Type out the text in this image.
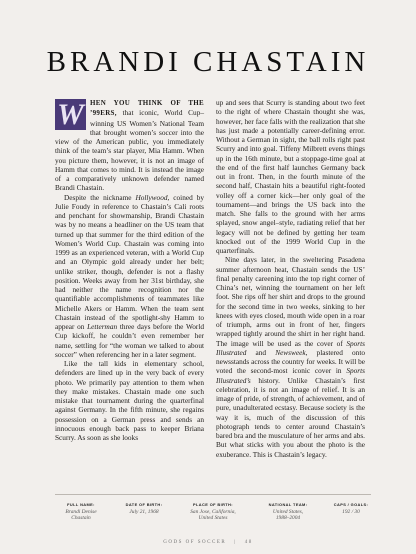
BRANDI CHASTAIN

W HEN YOU THINK OF THE ’99ERS, that iconic, World Cup–winning US Women’s National Team that brought women’s soccer into the view of the American public, you immediately think of the team’s star player, Mia Hamm. When you picture them, however, it is not an image of Hamm that comes to mind. It is instead the image of a comparatively unknown defender named Brandi Chastain.

Despite the nickname Hollywood, coined by Julie Foudy in reference to Chastain’s Cali roots and penchant for showmanship, Brandi Chastain was by no means a headliner on the US team that turned up that summer for the third edition of the Women’s World Cup. Chastain was coming into 1999 as an experienced veteran, with a World Cup and an Olympic gold already under her belt; unlike striker, though, defender is not a flashy position. Weeks away from her 31st birthday, she had neither the name recognition nor the quantifiable accomplishments of teammates like Michelle Akers or Hamm. When the team sent Chastain instead of the spotlight-shy Hamm to appear on Letterman three days before the World Cup kickoff, he couldn’t even remember her name, settling for “the woman we talked to about soccer” when referencing her in a later segment.

Like the tall kids in elementary school, defenders are lined up in the very back of every photo. We primarily pay attention to them when they make mistakes. Chastain made one such mistake that tournament during the quarterfinal against Germany. In the fifth minute, she regains possession on a German press and sends an innocuous enough back pass to keeper Briana Scurry. As soon as she looks

up and sees that Scurry is standing about two feet to the right of where Chastain thought she was, however, her face falls with the realization that she has just made a potentially career-defining error. Without a German in sight, the ball rolls right past Scurry and into goal. Tiffeny Milbrett evens things up in the 16th minute, but a stoppage-time goal at the end of the first half launches Germany back out in front. Then, in the fourth minute of the second half, Chastain hits a beautiful right-footed volley off a corner kick—her only goal of the tournament—and brings the US back into the match. She falls to the ground with her arms splayed, snow angel–style, radiating relief that her legacy will not be defined by getting her team knocked out of the 1999 World Cup in the quarterfinals.

Nine days later, in the sweltering Pasadena summer afternoon heat, Chastain sends the US’ final penalty careening into the top right corner of China’s net, winning the tournament on her left foot. She rips off her shirt and drops to the ground for the second time in two weeks, sinking to her knees with eyes closed, mouth wide open in a roar of triumph, arms out in front of her, fingers wrapped tightly around the shirt in her right hand. The image will be used as the cover of Sports Illustrated and Newsweek, plastered onto newsstands across the country for weeks. It will be voted the second-most iconic cover in Sports Illustrated’s history. Unlike Chastain’s first celebration, it is not an image of relief. It is an image of pride, of strength, of achievement, and of pure, unadulterated ecstasy. Because society is the way it is, much of the discussion of this photograph tends to center around Chastain’s bared bra and the musculature of her arms and abs. But what sticks with you about the photo is the exuberance. This is Chastain’s legacy.

FULL NAME:
Brandi Denise
Chastain
DATE OF BIRTH:
July 21, 1968
PLACE OF BIRTH:
San Jose, California,
United States
NATIONAL TEAM:
United States,
1988–2004
CAPS / GOALS:
192 / 30
GODS OF SOCCER | 48
